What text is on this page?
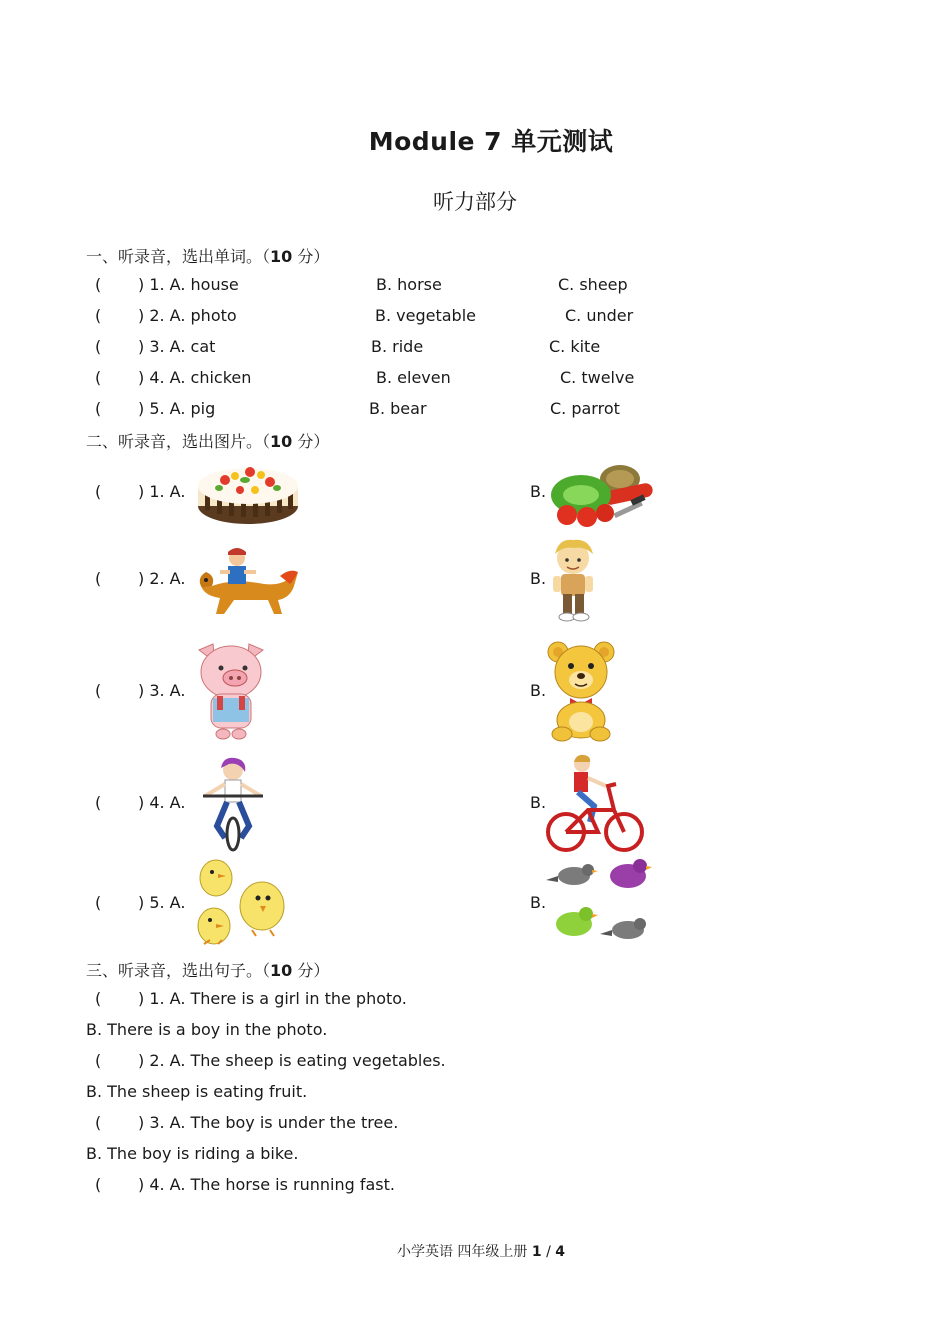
Module 7 单元测试
听力部分
一、听录音，选出单词。（10 分）
( ) 1. A. house	B. horse	C. sheep
( ) 2. A. photo	B. vegetable	C. under
( ) 3. A. cat	B. ride	C. kite
( ) 4. A. chicken	B. eleven	C. twelve
( ) 5. A. pig	B. bear	C. parrot
二、听录音，选出图片。（10 分）
( ) 1. A.	B.
( ) 2. A.	B.
( ) 3. A.	B.
( ) 4. A.	B.
( ) 5. A.	B.
三、听录音，选出句子。（10 分）
( ) 1. A. There is a girl in the photo.
B. There is a boy in the photo.
( ) 2. A. The sheep is eating vegetables.
B. The sheep is eating fruit.
( ) 3. A. The boy is under the tree.
B. The boy is riding a bike.
( ) 4. A. The horse is running fast.
小学英语 四年级上册 1 / 4
